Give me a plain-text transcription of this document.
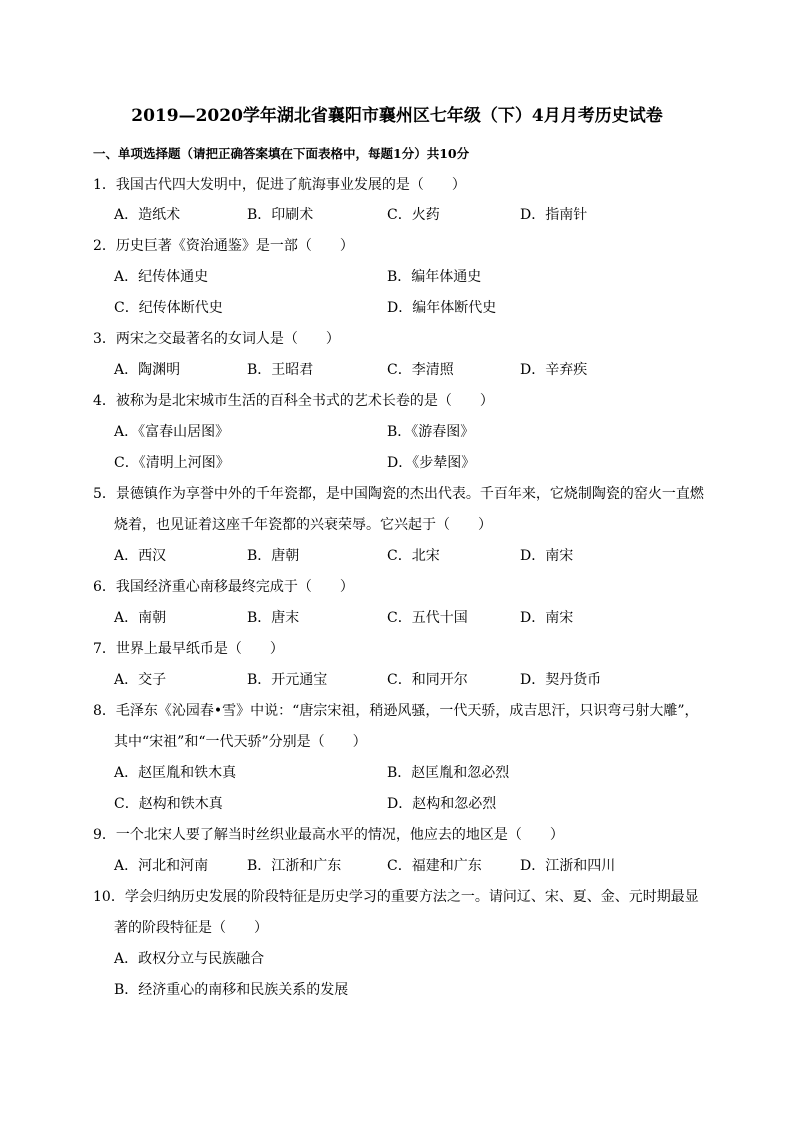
2019—2020学年湖北省襄阳市襄州区七年级（下）4月月考历史试卷
一、单项选择题（请把正确答案填在下面表格中，每题1分）共10分
1．我国古代四大发明中，促进了航海事业发展的是（　　）
A．造纸术	B．印刷术	C．火药	D．指南针
2．历史巨著《资治通鉴》是一部（　　）
A．纪传体通史	B．编年体通史
C．纪传体断代史	D．编年体断代史
3．两宋之交最著名的女词人是（　　）
A．陶渊明	B．王昭君	C．李清照	D．辛弃疾
4．被称为是北宋城市生活的百科全书式的艺术长卷的是（　　）
A．《富春山居图》	B．《游春图》
C．《清明上河图》	D．《步辇图》
5．景德镇作为享誉中外的千年瓷都，是中国陶瓷的杰出代表。千百年来，它烧制陶瓷的窑火一直燃
烧着，也见证着这座千年瓷都的兴衰荣辱。它兴起于（　　）
A．西汉	B．唐朝	C．北宋	D．南宋
6．我国经济重心南移最终完成于（　　）
A．南朝	B．唐末	C．五代十国	D．南宋
7．世界上最早纸币是（　　）
A．交子	B．开元通宝	C．和同开尔	D．契丹货币
8．毛泽东《沁园春•雪》中说：“唐宗宋祖，稍逊风骚，一代天骄，成吉思汗，只识弯弓射大雕”，
其中“宋祖”和“一代天骄”分别是（　　）
A．赵匡胤和铁木真	B．赵匡胤和忽必烈
C．赵构和铁木真	D．赵构和忽必烈
9．一个北宋人要了解当时丝织业最高水平的情况，他应去的地区是（　　）
A．河北和河南	B．江浙和广东	C．福建和广东	D．江浙和四川
10．学会归纳历史发展的阶段特征是历史学习的重要方法之一。请问辽、宋、夏、金、元时期最显
著的阶段特征是（　　）
A．政权分立与民族融合
B．经济重心的南移和民族关系的发展
